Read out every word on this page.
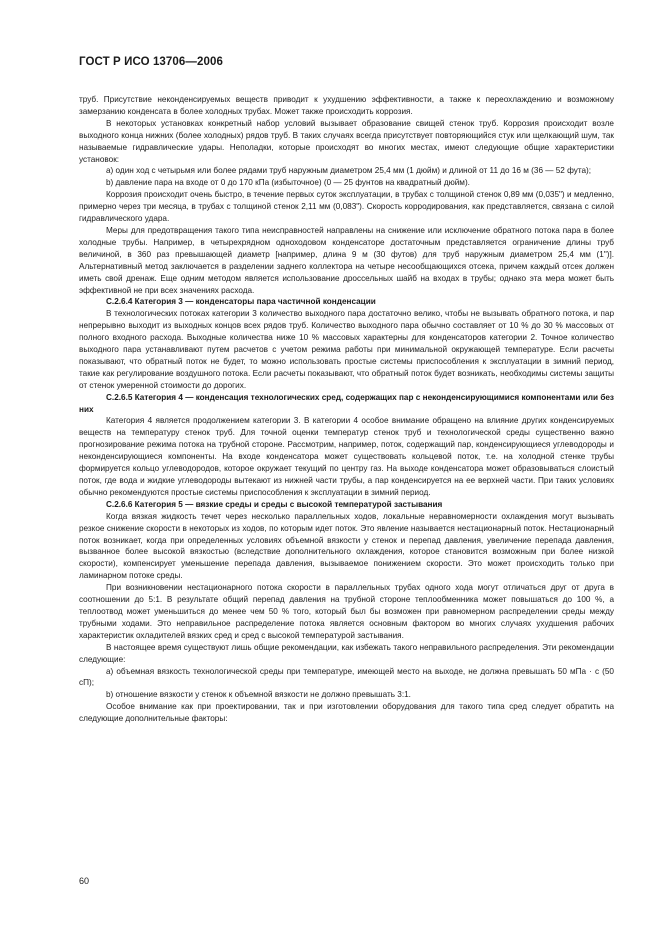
ГОСТ Р ИСО 13706—2006

труб. Присутствие неконденсируемых веществ приводит к ухудшению эффективности, а также к переохлаждению и возможному замерзанию конденсата в более холодных трубах. Может также происходить коррозия.

В некоторых установках конкретный набор условий вызывает образование свищей стенок труб. Коррозия происходит возле выходного конца нижних (более холодных) рядов труб. В таких случаях всегда присутствует повторяющийся стук или щелкающий шум, так называемые гидравлические удары. Неполадки, которые происходят во многих местах, имеют следующие общие характеристики установок:

a) один ход с четырьмя или более рядами труб наружным диаметром 25,4 мм (1 дюйм) и длиной от 11 до 16 м (36 — 52 фута);

b) давление пара на входе от 0 до 170 кПа (избыточное) (0 — 25 фунтов на квадратный дюйм).

Коррозия происходит очень быстро, в течение первых суток эксплуатации, в трубах с толщиной стенок 0,89 мм (0,035") и медленно, примерно через три месяца, в трубах с толщиной стенок 2,11 мм (0,083"). Скорость корродирования, как представляется, связана с силой гидравлического удара.

Меры для предотвращения такого типа неисправностей направлены на снижение или исключение обратного потока пара в более холодные трубы. Например, в четырехрядном одноходовом конденсаторе достаточным представляется ограничение длины труб величиной, в 360 раз превышающей диаметр [например, длина 9 м (30 футов) для труб наружным диаметром 25,4 мм (1")]. Альтернативный метод заключается в разделении заднего коллектора на четыре несообщающихся отсека, причем каждый отсек должен иметь свой дренаж. Еще одним методом является использование дроссельных шайб на входах в трубы; однако эта мера может быть эффективной не при всех значениях расхода.

С.2.6.4 Категория 3 — конденсаторы пара частичной конденсации

В технологических потоках категории 3 количество выходного пара достаточно велико, чтобы не вызывать обратного потока, и пар непрерывно выходит из выходных концов всех рядов труб. Количество выходного пара обычно составляет от 10 % до 30 % массовых от полного входного расхода. Выходные количества ниже 10 % массовых характерны для конденсаторов категории 2. Точное количество выходного пара устанавливают путем расчетов с учетом режима работы при минимальной окружающей температуре. Если расчеты показывают, что обратный поток не будет, то можно использовать простые системы приспособления к эксплуатации в зимний период, такие как регулирование воздушного потока. Если расчеты показывают, что обратный поток будет возникать, необходимы системы защиты от стенок умеренной стоимости до дорогих.

С.2.6.5 Категория 4 — конденсация технологических сред, содержащих пар с неконденсирующимися компонентами или без них

Категория 4 является продолжением категории 3. В категории 4 особое внимание обращено на влияние других конденсируемых веществ на температуру стенок труб. Для точной оценки температур стенок труб и технологической среды существенно важно прогнозирование режима потока на трубной стороне. Рассмотрим, например, поток, содержащий пар, конденсирующиеся углеводороды и неконденсирующиеся компоненты. На входе конденсатора может существовать кольцевой поток, т.е. на холодной стенке трубы формируется кольцо углеводородов, которое окружает текущий по центру газ. На выходе конденсатора может образовываться слоистый поток, где вода и жидкие углеводороды вытекают из нижней части трубы, а пар конденсируется на ее верхней части. При таких условиях обычно рекомендуются простые системы приспособления к эксплуатации в зимний период.

С.2.6.6 Категория 5 — вязкие среды и среды с высокой температурой застывания

Когда вязкая жидкость течет через несколько параллельных ходов, локальные неравномерности охлаждения могут вызывать резкое снижение скорости в некоторых из ходов, по которым идет поток. Это явление называется нестационарный поток. Нестационарный поток возникает, когда при определенных условиях объемной вязкости у стенок и перепад давления, увеличение перепада давления, вызванное более высокой вязкостью (вследствие дополнительного охлаждения, которое становится возможным при более низкой скорости), компенсирует уменьшение перепада давления, вызываемое понижением скорости. Это может происходить только при ламинарном потоке среды.

При возникновении нестационарного потока скорости в параллельных трубах одного хода могут отличаться друг от друга в соотношении до 5:1. В результате общий перепад давления на трубной стороне теплообменника может повышаться до 100 %, а теплоотвод может уменьшиться до менее чем 50 % того, который был бы возможен при равномерном распределении среды между трубными ходами. Это неправильное распределение потока является основным фактором во многих случаях ухудшения рабочих характеристик охладителей вязких сред и сред с высокой температурой застывания.

В настоящее время существуют лишь общие рекомендации, как избежать такого неправильного распределения. Эти рекомендации следующие:

a) объемная вязкость технологической среды при температуре, имеющей место на выходе, не должна превышать 50 мПа · с (50 сП);

b) отношение вязкости у стенок к объемной вязкости не должно превышать 3:1.

Особое внимание как при проектировании, так и при изготовлении оборудования для такого типа сред следует обратить на следующие дополнительные факторы:

60
